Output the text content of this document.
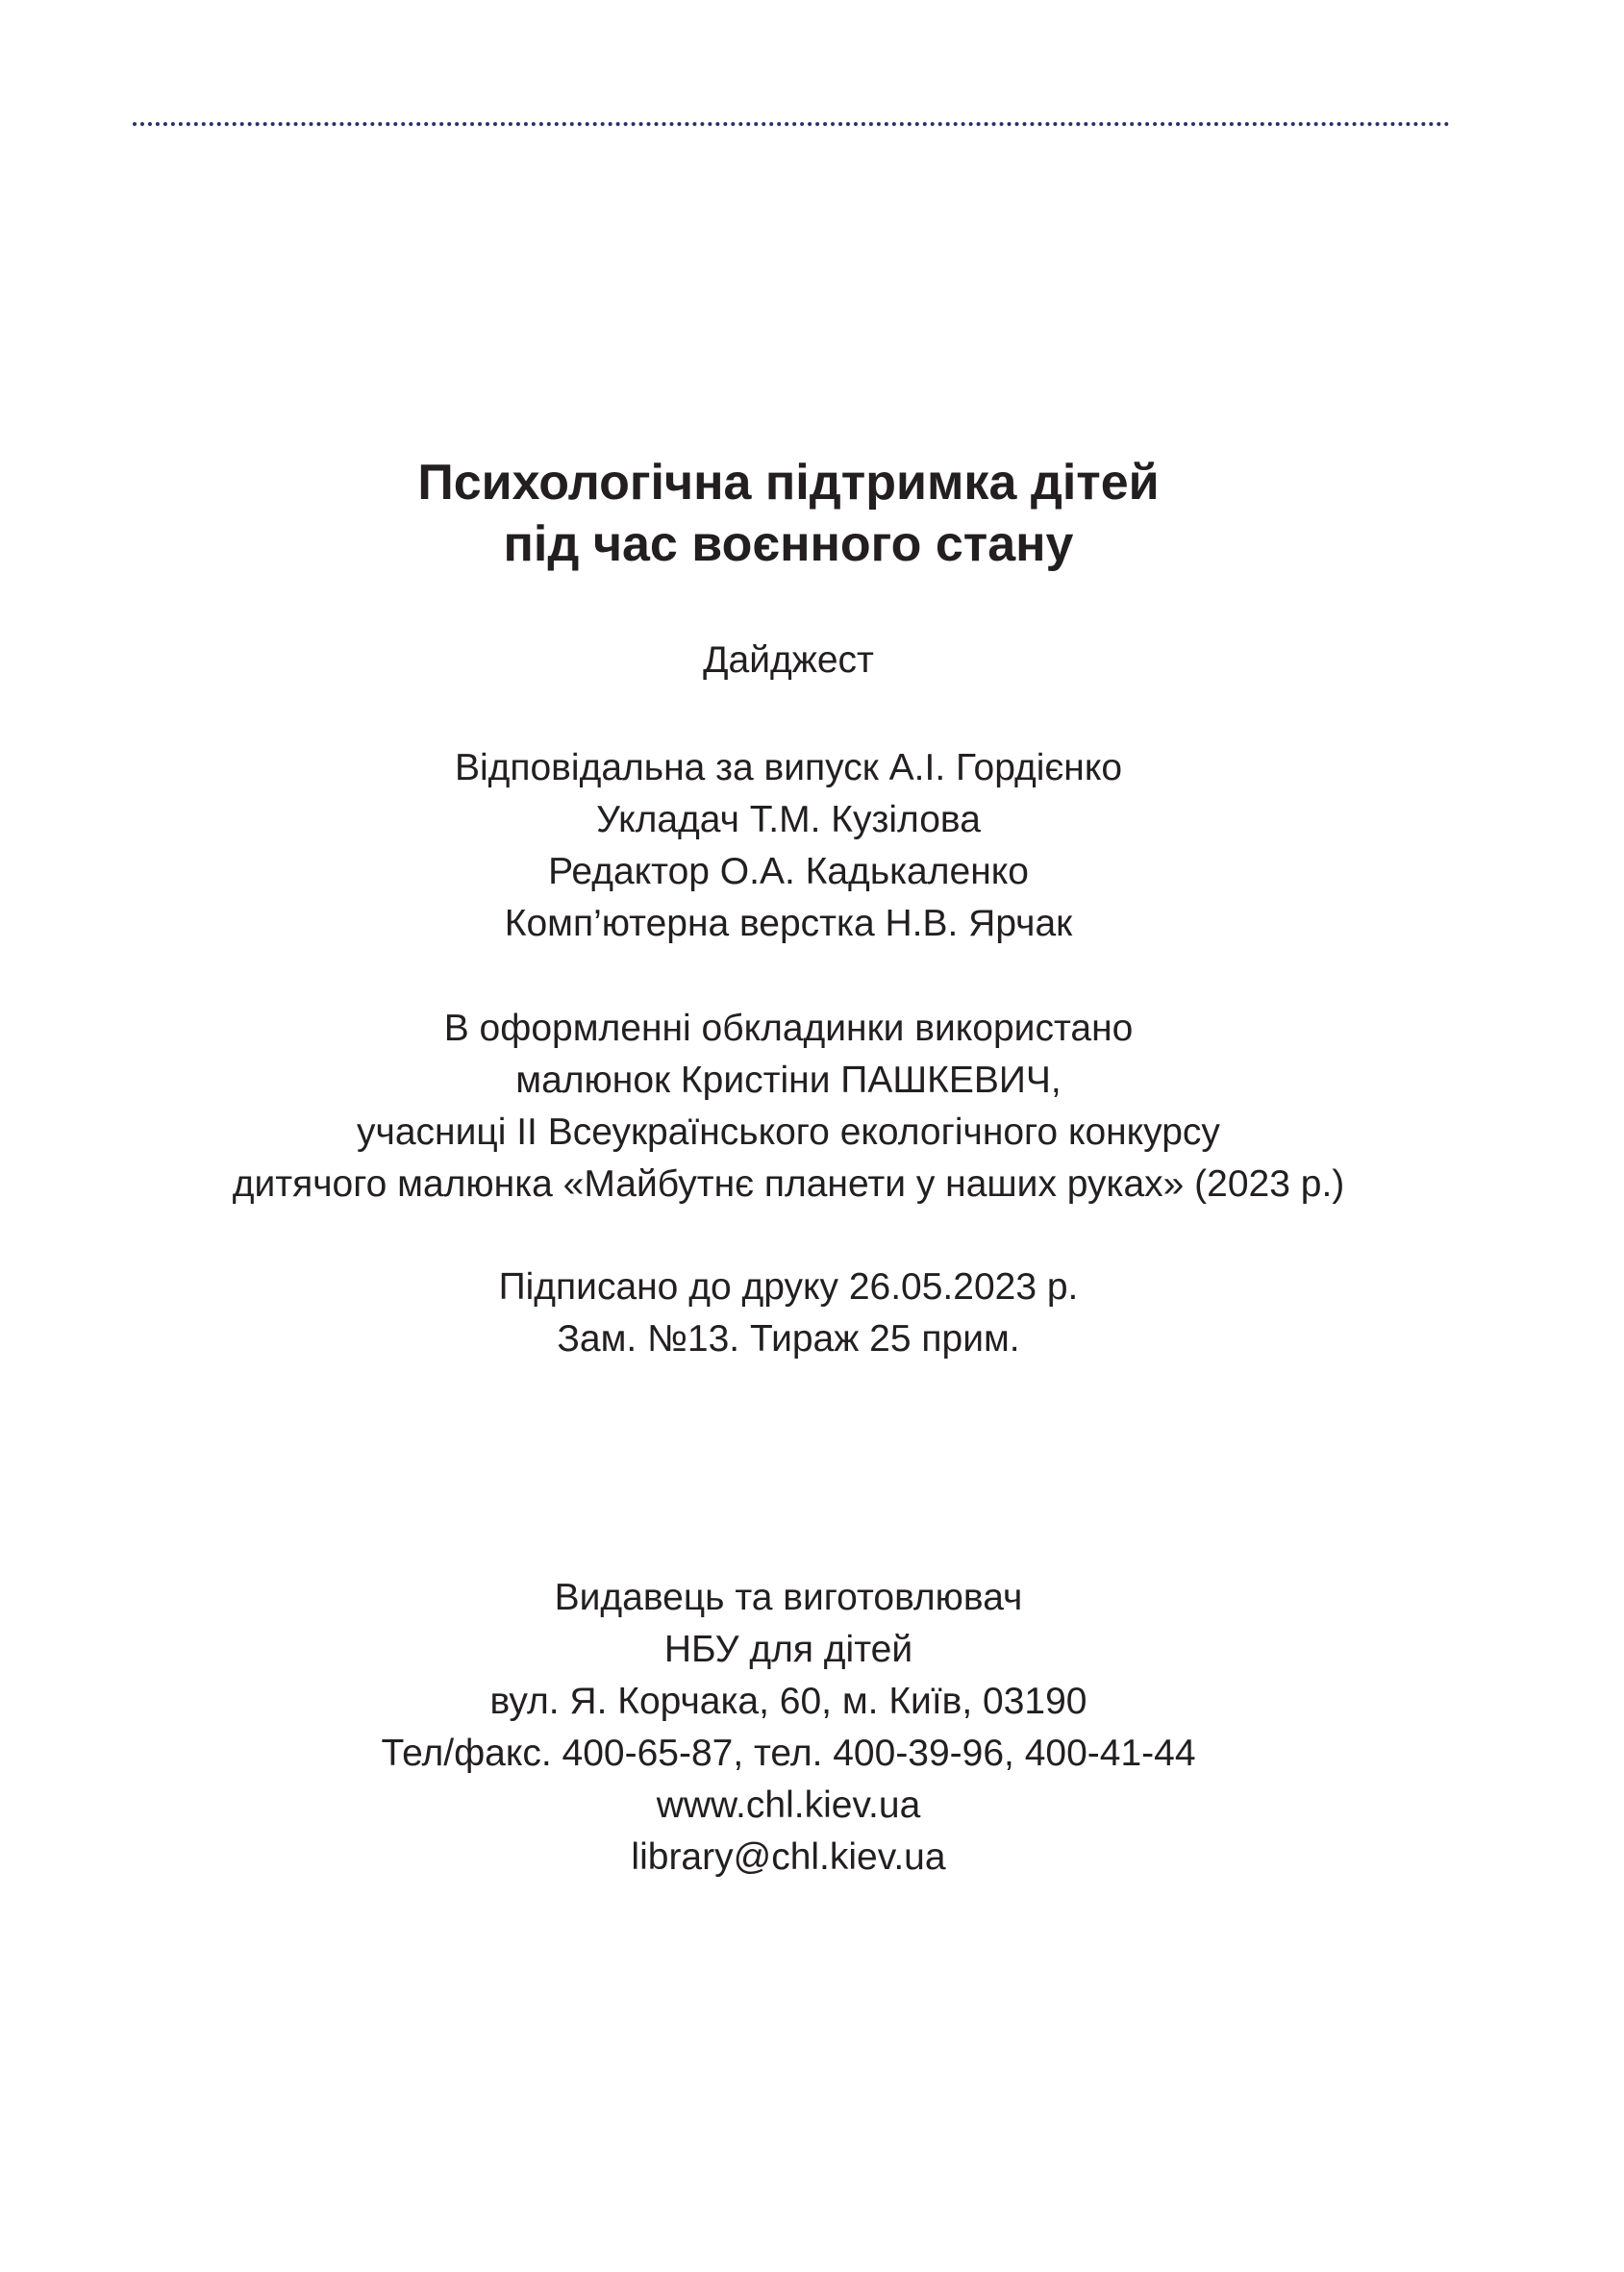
Психологічна підтримка дітей
під час воєнного стану
Дайджест
Відповідальна за випуск А.І. Гордієнко
Укладач Т.М. Кузілова
Редактор О.А. Кадькаленко
Комп’ютерна верстка Н.В. Ярчак
В оформленні обкладинки використано
малюнок Кристіни ПАШКЕВИЧ,
учасниці ІІ Всеукраїнського екологічного конкурсу
дитячого малюнка «Майбутнє планети у наших руках» (2023 р.)
Підписано до друку 26.05.2023 р.
Зам. №13. Тираж 25 прим.
Видавець та виготовлювач
НБУ для дітей
вул. Я. Корчака, 60, м. Київ, 03190
Тел/факс. 400-65-87, тел. 400-39-96, 400-41-44
www.chl.kiev.ua
library@chl.kiev.ua
